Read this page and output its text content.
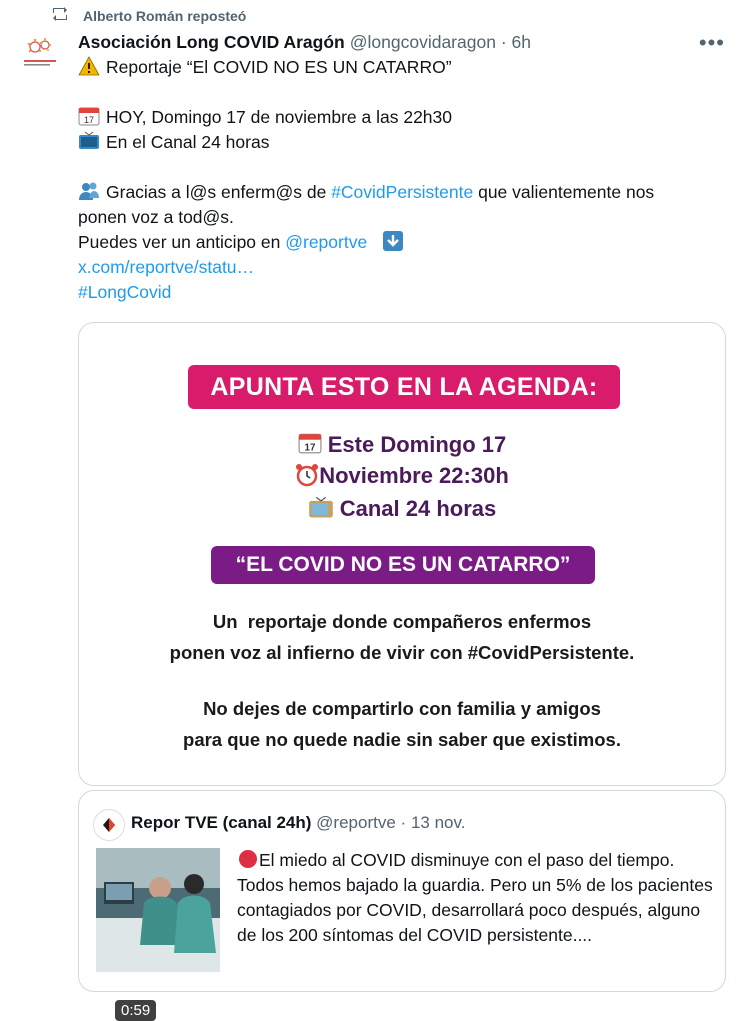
Alberto Román reposteó
Asociación Long COVID Aragón @longcovidaragon · 6h	•••
Reportaje “El COVID NO ES UN CATARRO”
17 HOY, Domingo 17 de noviembre a las 22h30
En el Canal 24 horas
Gracias a l@s enferm@s de #CovidPersistente que valientemente nos
ponen voz a tod@s.
Puedes ver un anticipo en @reportve
x.com/reportve/statu…
#LongCovid
APUNTA ESTO EN LA AGENDA:
17 Este Domingo 17
Noviembre 22:30h
Canal 24 horas
“EL COVID NO ES UN CATARRO”
Un  reportaje donde compañeros enfermos
ponen voz al infierno de vivir con #CovidPersistente.
No dejes de compartirlo con familia y amigos
para que no quede nadie sin saber que existimos.
Repor TVE (canal 24h) @reportve · 13 nov.
0:59
El miedo al COVID disminuye con el paso del tiempo. Todos hemos bajado la guardia. Pero un 5% de los pacientes contagiados por COVID, desarrollará poco después, alguno de los 200 síntomas del COVID persistente....
